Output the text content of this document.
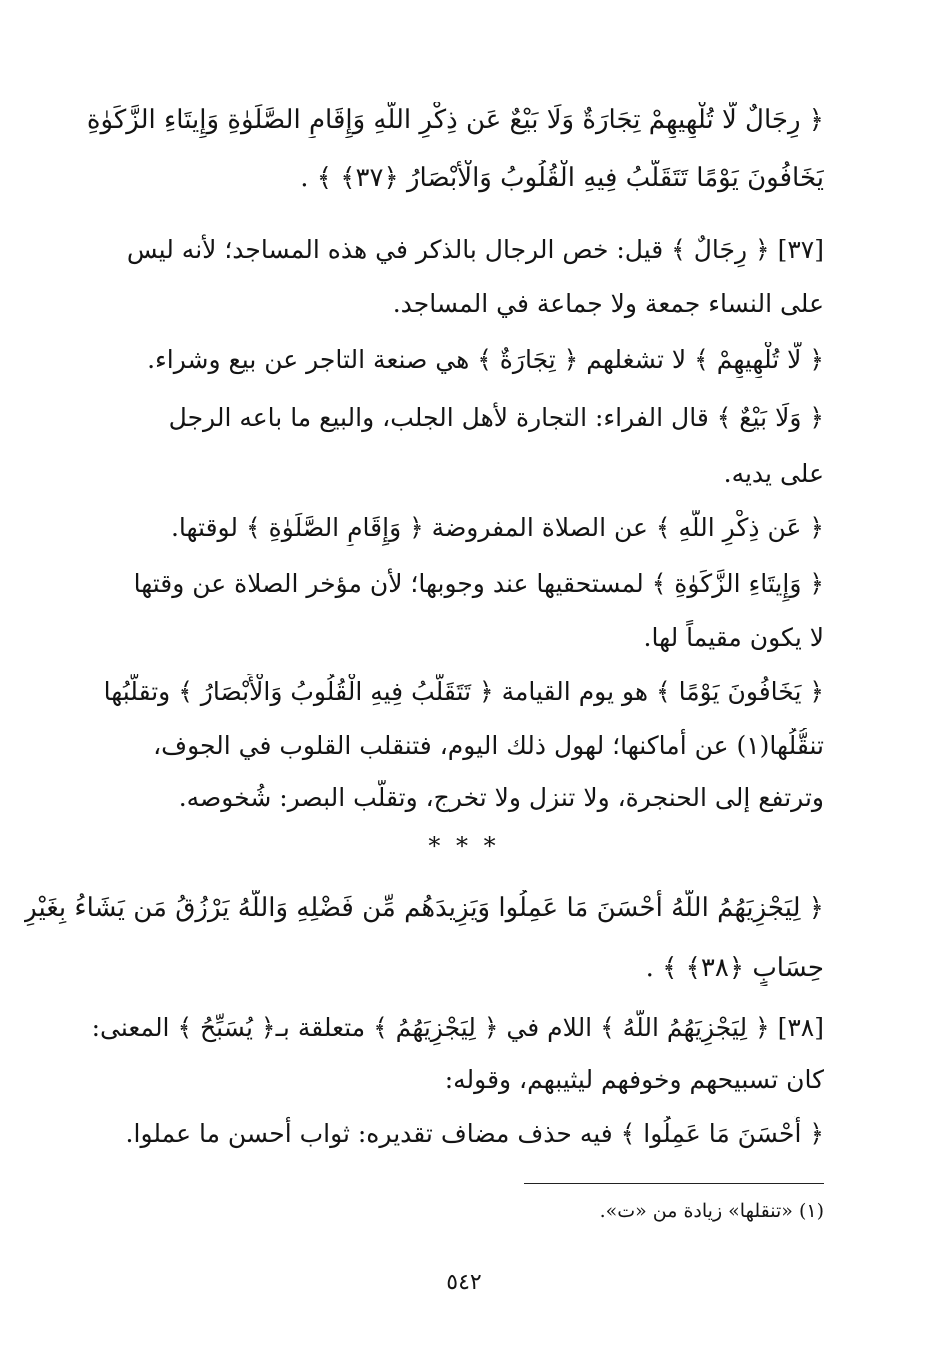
﴿ رِجَالٌ لَّا تُلْهِيهِمْ تِجَارَةٌ وَلَا بَيْعٌ عَن ذِكْرِ اللَّهِ وَإِقَامِ الصَّلَوٰةِ وَإِيتَاءِ الزَّكَوٰةِ

يَخَافُونَ يَوْمًا تَتَقَلَّبُ فِيهِ الْقُلُوبُ وَالْأَبْصَارُ ﴿٣٧﴾ ﴾ .

[٣٧] ﴿ رِجَالٌ ﴾ قيل: خص الرجال بالذكر في هذه المساجد؛ لأنه ليس

على النساء جمعة ولا جماعة في المساجد.

﴿ لَّا تُلْهِيهِمْ ﴾ لا تشغلهم ﴿ تِجَارَةٌ ﴾ هي صنعة التاجر عن بيع وشراء.

﴿ وَلَا بَيْعٌ ﴾ قال الفراء: التجارة لأهل الجلب، والبيع ما باعه الرجل

على يديه.

﴿ عَن ذِكْرِ اللَّهِ ﴾ عن الصلاة المفروضة ﴿ وَإِقَامِ الصَّلَوٰةِ ﴾ لوقتها.

﴿ وَإِيتَاءِ الزَّكَوٰةِ ﴾ لمستحقيها عند وجوبها؛ لأن مؤخر الصلاة عن وقتها

لا يكون مقيماً لها.

﴿ يَخَافُونَ يَوْمًا ﴾ هو يوم القيامة ﴿ تَتَقَلَّبُ فِيهِ الْقُلُوبُ وَالْأَبْصَارُ ﴾ وتقلُّبُها

تنقُّلُها(١) عن أماكنها؛ لهول ذلك اليوم، فتنقلب القلوب في الجوف،

وترتفع إلى الحنجرة، ولا تنزل ولا تخرج، وتقلُّب البصر: شُخوصه.

* * *

﴿ لِيَجْزِيَهُمُ اللَّهُ أَحْسَنَ مَا عَمِلُوا وَيَزِيدَهُم مِّن فَضْلِهِ وَاللَّهُ يَرْزُقُ مَن يَشَاءُ بِغَيْرِ

حِسَابٍ ﴿٣٨﴾ ﴾ .

[٣٨] ﴿ لِيَجْزِيَهُمُ اللَّهُ ﴾ اللام في ﴿ لِيَجْزِيَهُمُ ﴾ متعلقة بـ﴿ يُسَبِّحُ ﴾ المعنى:

كان تسبيحهم وخوفهم ليثيبهم، وقوله:

﴿ أَحْسَنَ مَا عَمِلُوا ﴾ فيه حذف مضاف تقديره: ثواب أحسن ما عملوا.

(١) «تنقلها» زيادة من «ت».
٥٤٢
